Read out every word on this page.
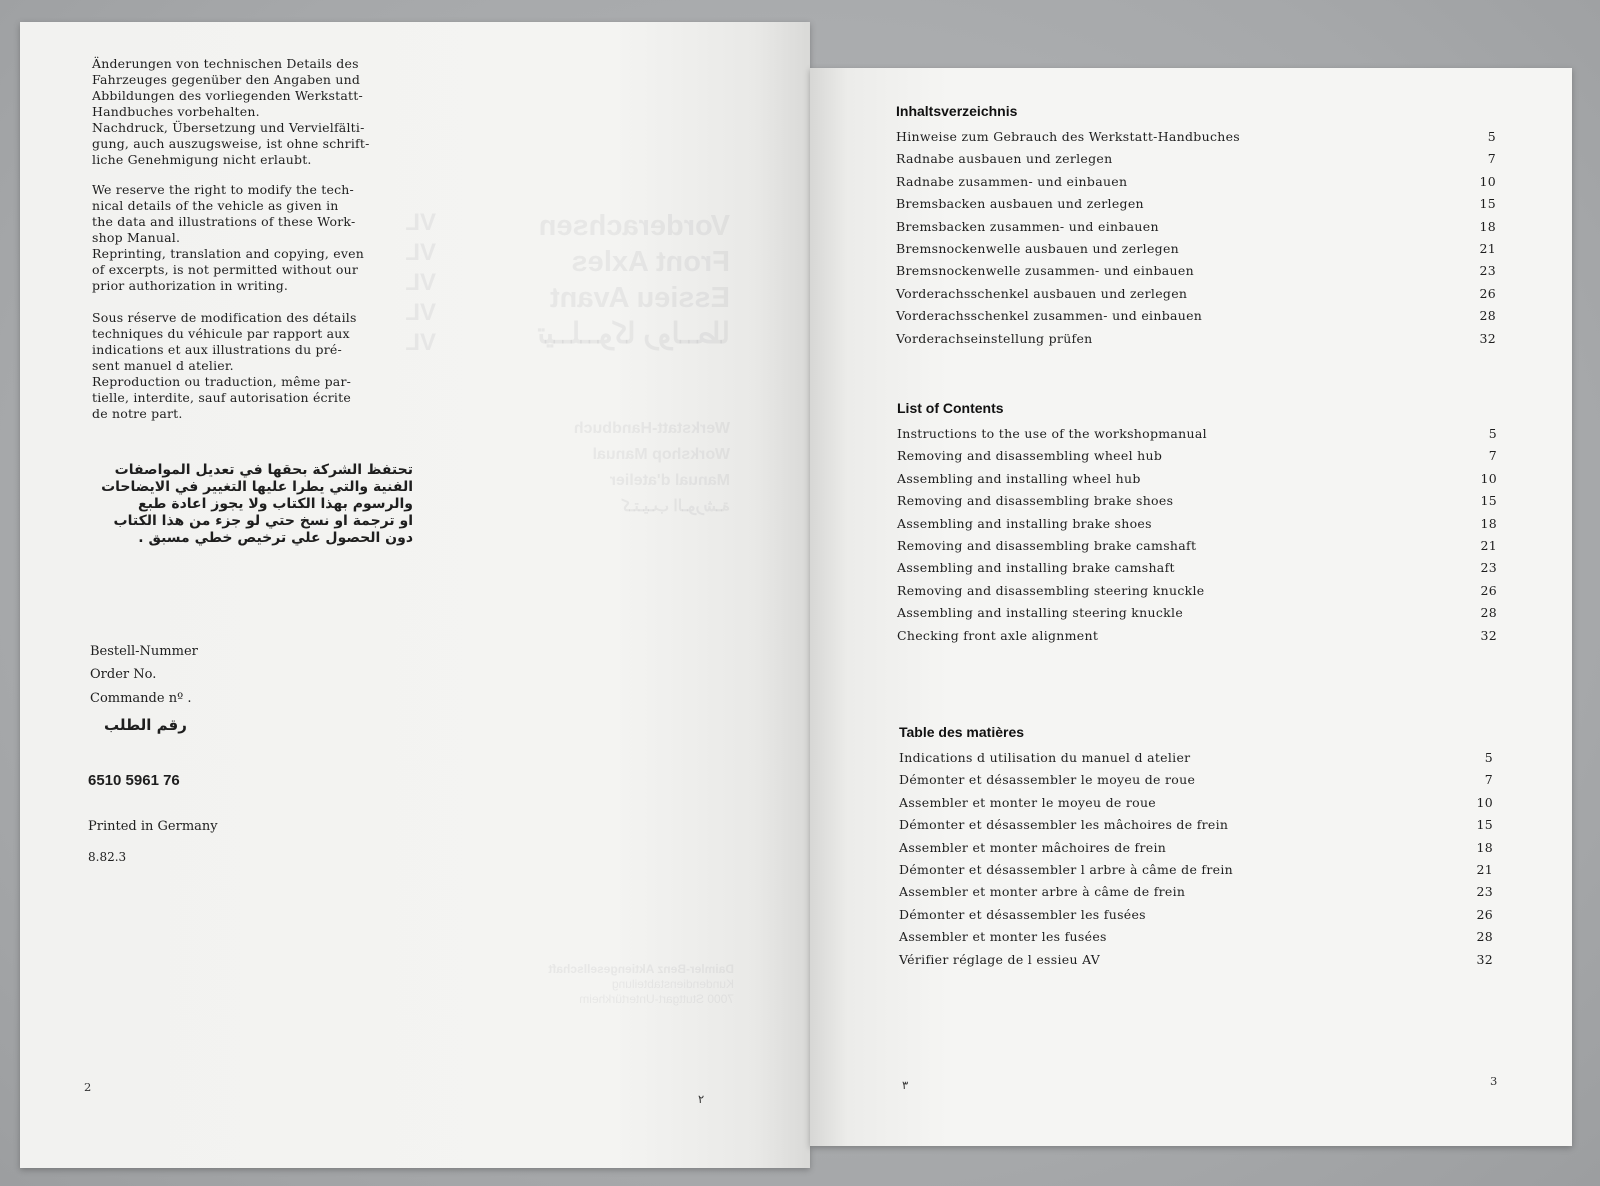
Vorderachsen
Front Axles
Essieu Avant
تيــلــوكا رولــطا
VL
VL
VL
VL
VL
Werkstatt-Handbuch
Workshop Manual
Manual d'atelier
كـتـيـب الـورشـة
Daimler-Benz Aktiengesellschaft
Kundendienstabteilung
7000 Stuttgart-Untertürkheim

Änderungen von technischen Details des
Fahrzeuges gegenüber den Angaben und
Abbildungen des vorliegenden Werkstatt-
Handbuches vorbehalten.
Nachdruck, Übersetzung und Vervielfälti-
gung, auch auszugsweise, ist ohne schrift-
liche Genehmigung nicht erlaubt.

We reserve the right to modify the tech-
nical details of the vehicle as given in
the data and illustrations of these Work-
shop Manual.
Reprinting, translation and copying, even
of excerpts, is not permitted without our
prior authorization in writing.

Sous réserve de modification des détails
techniques du véhicule par rapport aux
indications et aux illustrations du pré-
sent manuel d atelier.
Reproduction ou traduction, même par-
tielle, interdite, sauf autorisation écrite
de notre part.

تحتفظ الشركة بحقها في تعديل المواصفات

الفنية والتي يطرا عليها التغيير في الايضاحات

والرسوم بهذا الكتاب ولا يجوز اعادة طبع

او ترجمة او نسخ حتي لو جزء من هذا الكتاب

دون الحصول علي ترخيص خطي مسبق .

Bestell-Nummer
Order No.
Commande nº .
رقم الطلب
6510 5961 76
Printed in Germany
8.82.3
2
٢
Inhaltsverzeichnis
Hinweise zum Gebrauch des Werkstatt-Handbuches	5
Radnabe ausbauen und zerlegen	7
Radnabe zusammen- und einbauen	10
Bremsbacken ausbauen und zerlegen	15
Bremsbacken zusammen- und einbauen	18
Bremsnockenwelle ausbauen und zerlegen	21
Bremsnockenwelle zusammen- und einbauen	23
Vorderachsschenkel ausbauen und zerlegen	26
Vorderachsschenkel zusammen- und einbauen	28
Vorderachseinstellung prüfen	32
List of Contents
Instructions to the use of the workshopmanual	5
Removing and disassembling wheel hub	7
Assembling and installing wheel hub	10
Removing and disassembling brake shoes	15
Assembling and installing brake shoes	18
Removing and disassembling brake camshaft	21
Assembling and installing brake camshaft	23
Removing and disassembling steering knuckle	26
Assembling and installing steering knuckle	28
Checking front axle alignment	32
Table des matières
Indications d utilisation du manuel d atelier	5
Démonter et désassembler le moyeu de roue	7
Assembler et monter le moyeu de roue	10
Démonter et désassembler les mâchoires de frein	15
Assembler et monter mâchoires de frein	18
Démonter et désassembler l arbre à câme de frein	21
Assembler et monter arbre à câme de frein	23
Démonter et désassembler les fusées	26
Assembler et monter les fusées	28
Vérifier réglage de l essieu AV	32
٣	3
